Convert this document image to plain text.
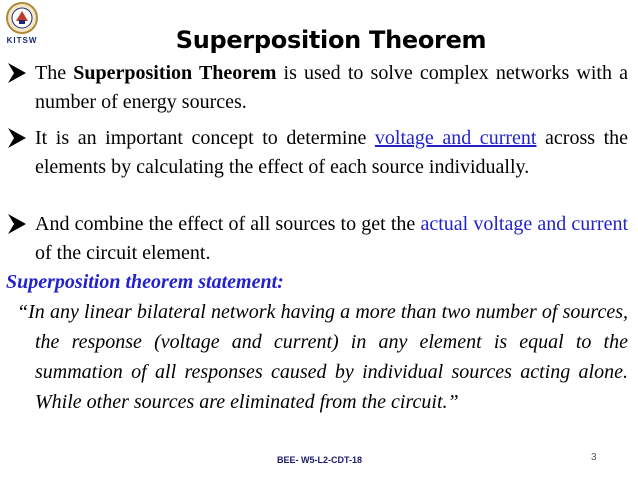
KITSW	Superposition Theorem
The Superposition Theorem is used to solve complex networks with a number of energy sources.
It is an important concept to determine voltage and current across the elements by calculating the effect of each source individually.
And combine the effect of all sources to get the actual voltage and current of the circuit element.
Superposition theorem statement:
“In any linear bilateral network having a more than two number of sources, the response (voltage and current) in any element is equal to the summation of all responses caused by individual sources acting alone. While other sources are eliminated from the circuit.”
BEE- W5-L2-CDT-18	3
